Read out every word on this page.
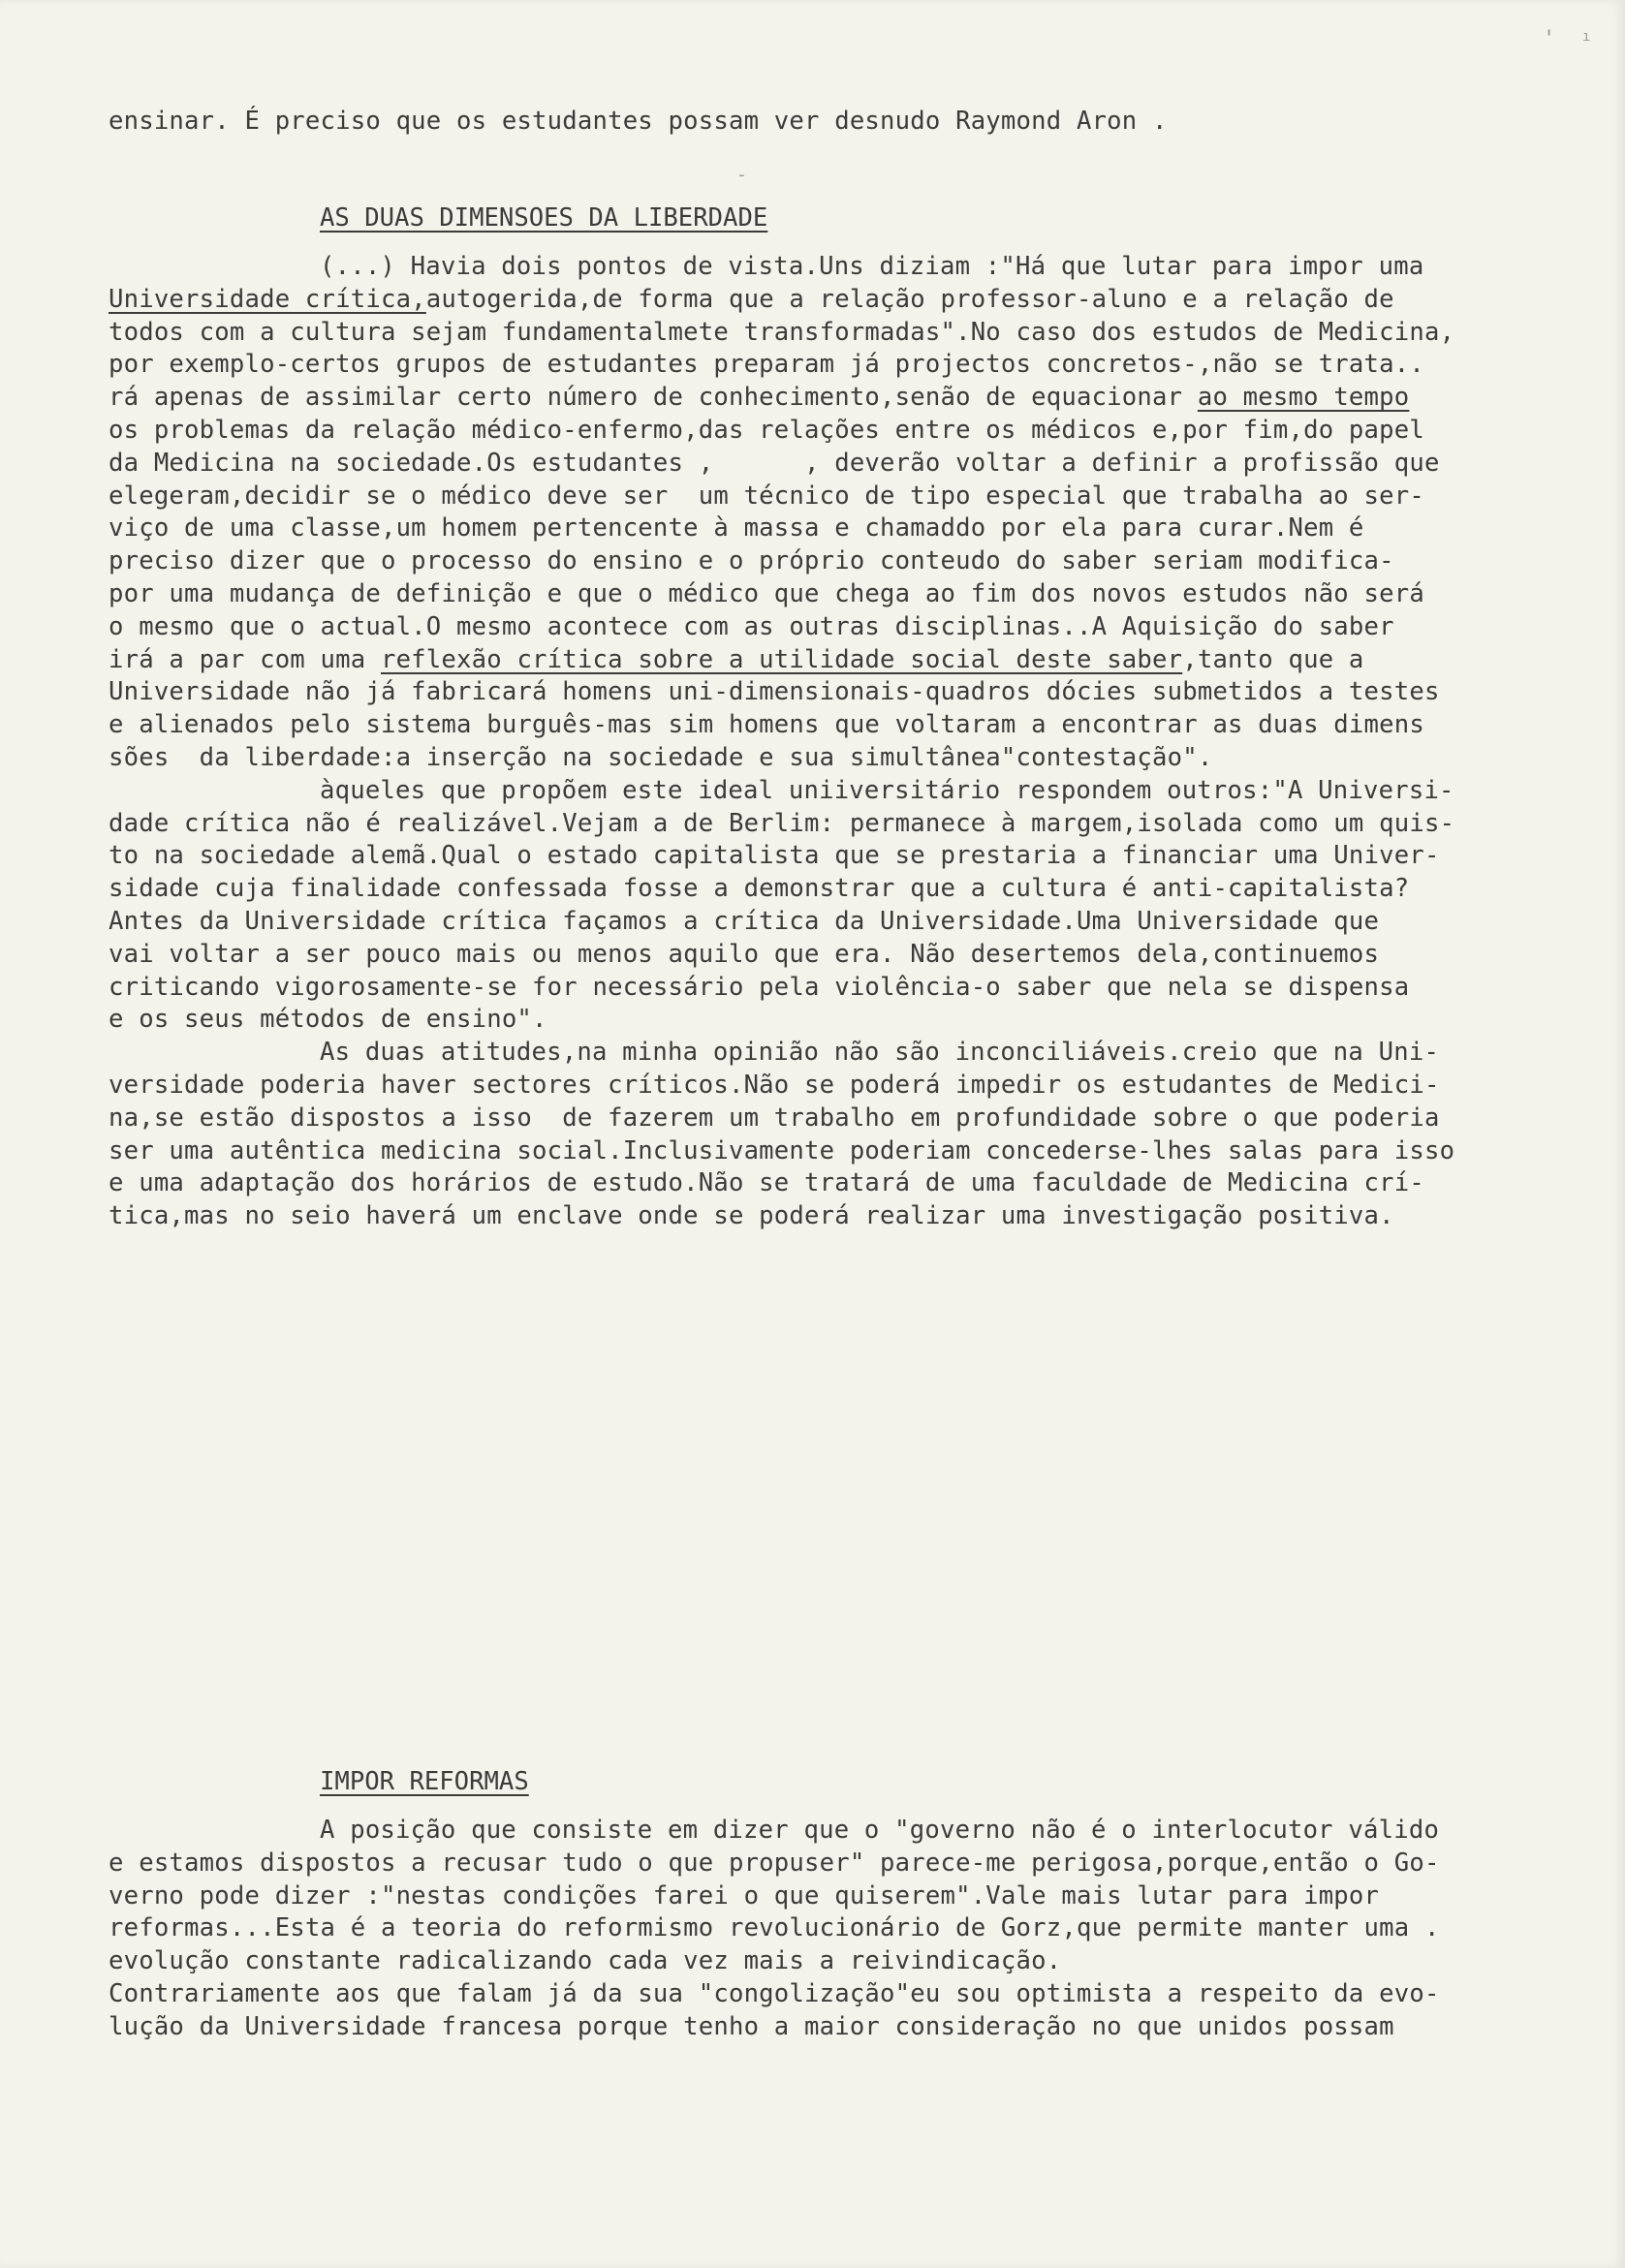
' ı
-
ensinar. É preciso que os estudantes possam ver desnudo Raymond Aron .
AS DUAS DIMENSOES DA LIBERDADE
(...) Havia dois pontos de vista.Uns diziam :"Há que lutar para impor uma
Universidade crítica,autogerida,de forma que a relação professor-aluno e a relação de
todos com a cultura sejam fundamentalmete transformadas".No caso dos estudos de Medicina,
por exemplo-certos grupos de estudantes preparam já projectos concretos-,não se trata..
rá apenas de assimilar certo número de conhecimento,senão de equacionar ao mesmo tempo
os problemas da relação médico-enfermo,das relações entre os médicos e,por fim,do papel
da Medicina na sociedade.Os estudantes ,      , deverão voltar a definir a profissão que
elegeram,decidir se o médico deve ser  um técnico de tipo especial que trabalha ao ser-
viço de uma classe,um homem pertencente à massa e chamaddo por ela para curar.Nem é
preciso dizer que o processo do ensino e o próprio conteudo do saber seriam modifica-
por uma mudança de definição e que o médico que chega ao fim dos novos estudos não será
o mesmo que o actual.O mesmo acontece com as outras disciplinas..A Aquisição do saber
irá a par com uma reflexão crítica sobre a utilidade social deste saber,tanto que a
Universidade não já fabricará homens uni-dimensionais-quadros dócies submetidos a testes
e alienados pelo sistema burguês-mas sim homens que voltaram a encontrar as duas dimens
sões  da liberdade:a inserção na sociedade e sua simultânea"contestação".
àqueles que propõem este ideal uniiversitário respondem outros:"A Universi-
dade crítica não é realizável.Vejam a de Berlim: permanece à margem,isolada como um quis-
to na sociedade alemã.Qual o estado capitalista que se prestaria a financiar uma Univer-
sidade cuja finalidade confessada fosse a demonstrar que a cultura é anti-capitalista?
Antes da Universidade crítica façamos a crítica da Universidade.Uma Universidade que
vai voltar a ser pouco mais ou menos aquilo que era. Não desertemos dela,continuemos
criticando vigorosamente-se for necessário pela violência-o saber que nela se dispensa
e os seus métodos de ensino".
As duas atitudes,na minha opinião não são inconciliáveis.creio que na Uni-
versidade poderia haver sectores críticos.Não se poderá impedir os estudantes de Medici-
na,se estão dispostos a isso  de fazerem um trabalho em profundidade sobre o que poderia
ser uma autêntica medicina social.Inclusivamente poderiam concederse-lhes salas para isso
e uma adaptação dos horários de estudo.Não se tratará de uma faculdade de Medicina crí-
tica,mas no seio haverá um enclave onde se poderá realizar uma investigação positiva.
IMPOR REFORMAS
A posição que consiste em dizer que o "governo não é o interlocutor válido
e estamos dispostos a recusar tudo o que propuser" parece-me perigosa,porque,então o Go-
verno pode dizer :"nestas condições farei o que quiserem".Vale mais lutar para impor
reformas...Esta é a teoria do reformismo revolucionário de Gorz,que permite manter uma .
evolução constante radicalizando cada vez mais a reivindicação.
Contrariamente aos que falam já da sua "congolização"eu sou optimista a respeito da evo-
lução da Universidade francesa porque tenho a maior consideração no que unidos possam
